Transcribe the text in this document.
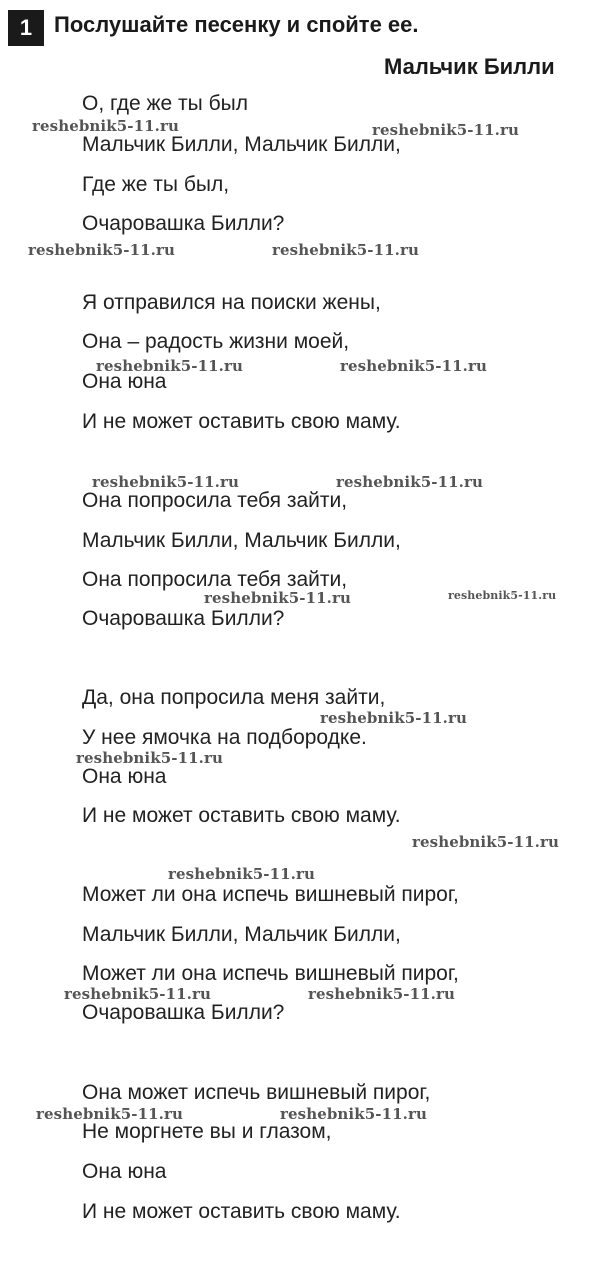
1 Послушайте песенку и спойте ее.
Мальчик Билли
О, где же ты был
Мальчик Билли, Мальчик Билли,
Где же ты был,
Очаровашка Билли?
Я отправился на поиски жены,
Она – радость жизни моей,
Она юна
И не может оставить свою маму.
Она попросила тебя зайти,
Мальчик Билли, Мальчик Билли,
Она попросила тебя зайти,
Очаровашка Билли?
Да, она попросила меня зайти,
У нее ямочка на подбородке.
Она юна
И не может оставить свою маму.
Может ли она испечь вишневый пирог,
Мальчик Билли, Мальчик Билли,
Может ли она испечь вишневый пирог,
Очаровашка Билли?
Она может испечь вишневый пирог,
Не моргнете вы и глазом,
Она юна
И не может оставить свою маму.
reshebnik5-11.ru	reshebnik5-11.ru
reshebnik5-11.ru	reshebnik5-11.ru
reshebnik5-11.ru	reshebnik5-11.ru
reshebnik5-11.ru	reshebnik5-11.ru
reshebnik5-11.ru	reshebnik5-11.ru
reshebnik5-11.ru
reshebnik5-11.ru
reshebnik5-11.ru
reshebnik5-11.ru
reshebnik5-11.ru	reshebnik5-11.ru
reshebnik5-11.ru	reshebnik5-11.ru
